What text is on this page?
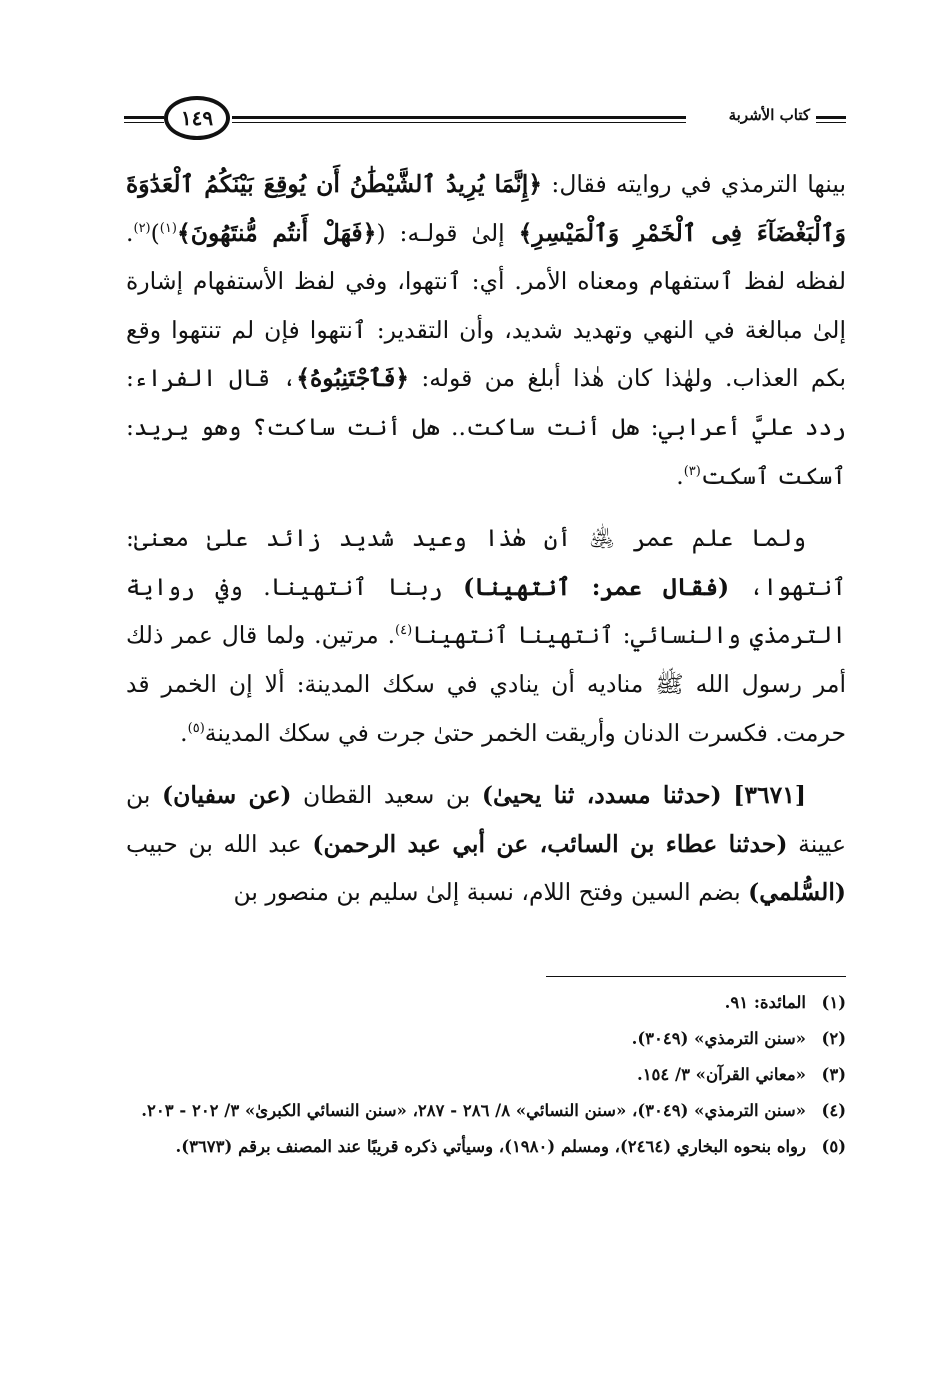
١٤٩	كتاب الأشربة

بينها الترمذي في روايته فقال: ﴿إِنَّمَا يُرِيدُ ٱلشَّيْطَٰنُ أَن يُوقِعَ بَيْنَكُمُ ٱلْعَدَٰوَةَ وَٱلْبَغْضَآءَ فِى ٱلْخَمْرِ وَٱلْمَيْسِرِ﴾ إلىٰ قولـه: (﴿فَهَلْ أَنتُم مُّنتَهُونَ﴾$^{(١)}$)$^{(٢)}$. لفظه لفظ ٱستفهام ومعناه الأمر. أي: ٱنتهوا، وفي لفظ الأستفهام إشارة إلىٰ مبالغة في النهي وتهديد شديد، وأن التقدير: ٱنتهوا فإن لم تنتهوا وقع بكم العذاب. ولهٰذا كان هٰذا أبلغ من قوله: ﴿فَٱجْتَنِبُوهُ﴾، قال الفراء: ردد عليَّ أعرابي: هل أنت ساكت.. هل أنت ساكت؟ وهو يريد: ٱسكت ٱسكت$^{(٣)}$.

ولما علم عمر ﵁ أن هٰذا وعيد شديد زائد علىٰ معنىٰ: ٱنتهوا، (فقال عمر: ٱنتهينا) ربنا ٱنتهينا. وفي رواية الترمذي والنسائي: ٱنتهينا ٱنتهينا$^{(٤)}$. مرتين. ولما قال عمر ذلك أمر رسول الله ﷺ مناديه أن ينادي في سكك المدينة: ألا إن الخمر قد حرمت. فكسرت الدنان وأريقت الخمر حتىٰ جرت في سكك المدينة$^{(٥)}$.

[٣٦٧١] (حدثنا مسدد، ثنا يحيىٰ) بن سعيد القطان (عن سفيان) بن عيينة (حدثنا عطاء بن السائب، عن أبي عبد الرحمن) عبد الله بن حبيب (السُّلمي) بضم السين وفتح اللام، نسبة إلىٰ سليم بن منصور بن

(١)
المائدة: ٩١.
(٢)
«سنن الترمذي» (٣٠٤٩).
(٣)
«معاني القرآن» ٣/ ١٥٤.
(٤)
«سنن الترمذي» (٣٠٤٩)، «سنن النسائي» ٨/ ٢٨٦ - ٢٨٧، «سنن النسائي الكبرىٰ» ٣/ ٢٠٢ - ٢٠٣.
(٥)
رواه بنحوه البخاري (٢٤٦٤)، ومسلم (١٩٨٠)، وسيأتي ذكره قريبًا عند المصنف برقم (٣٦٧٣).
